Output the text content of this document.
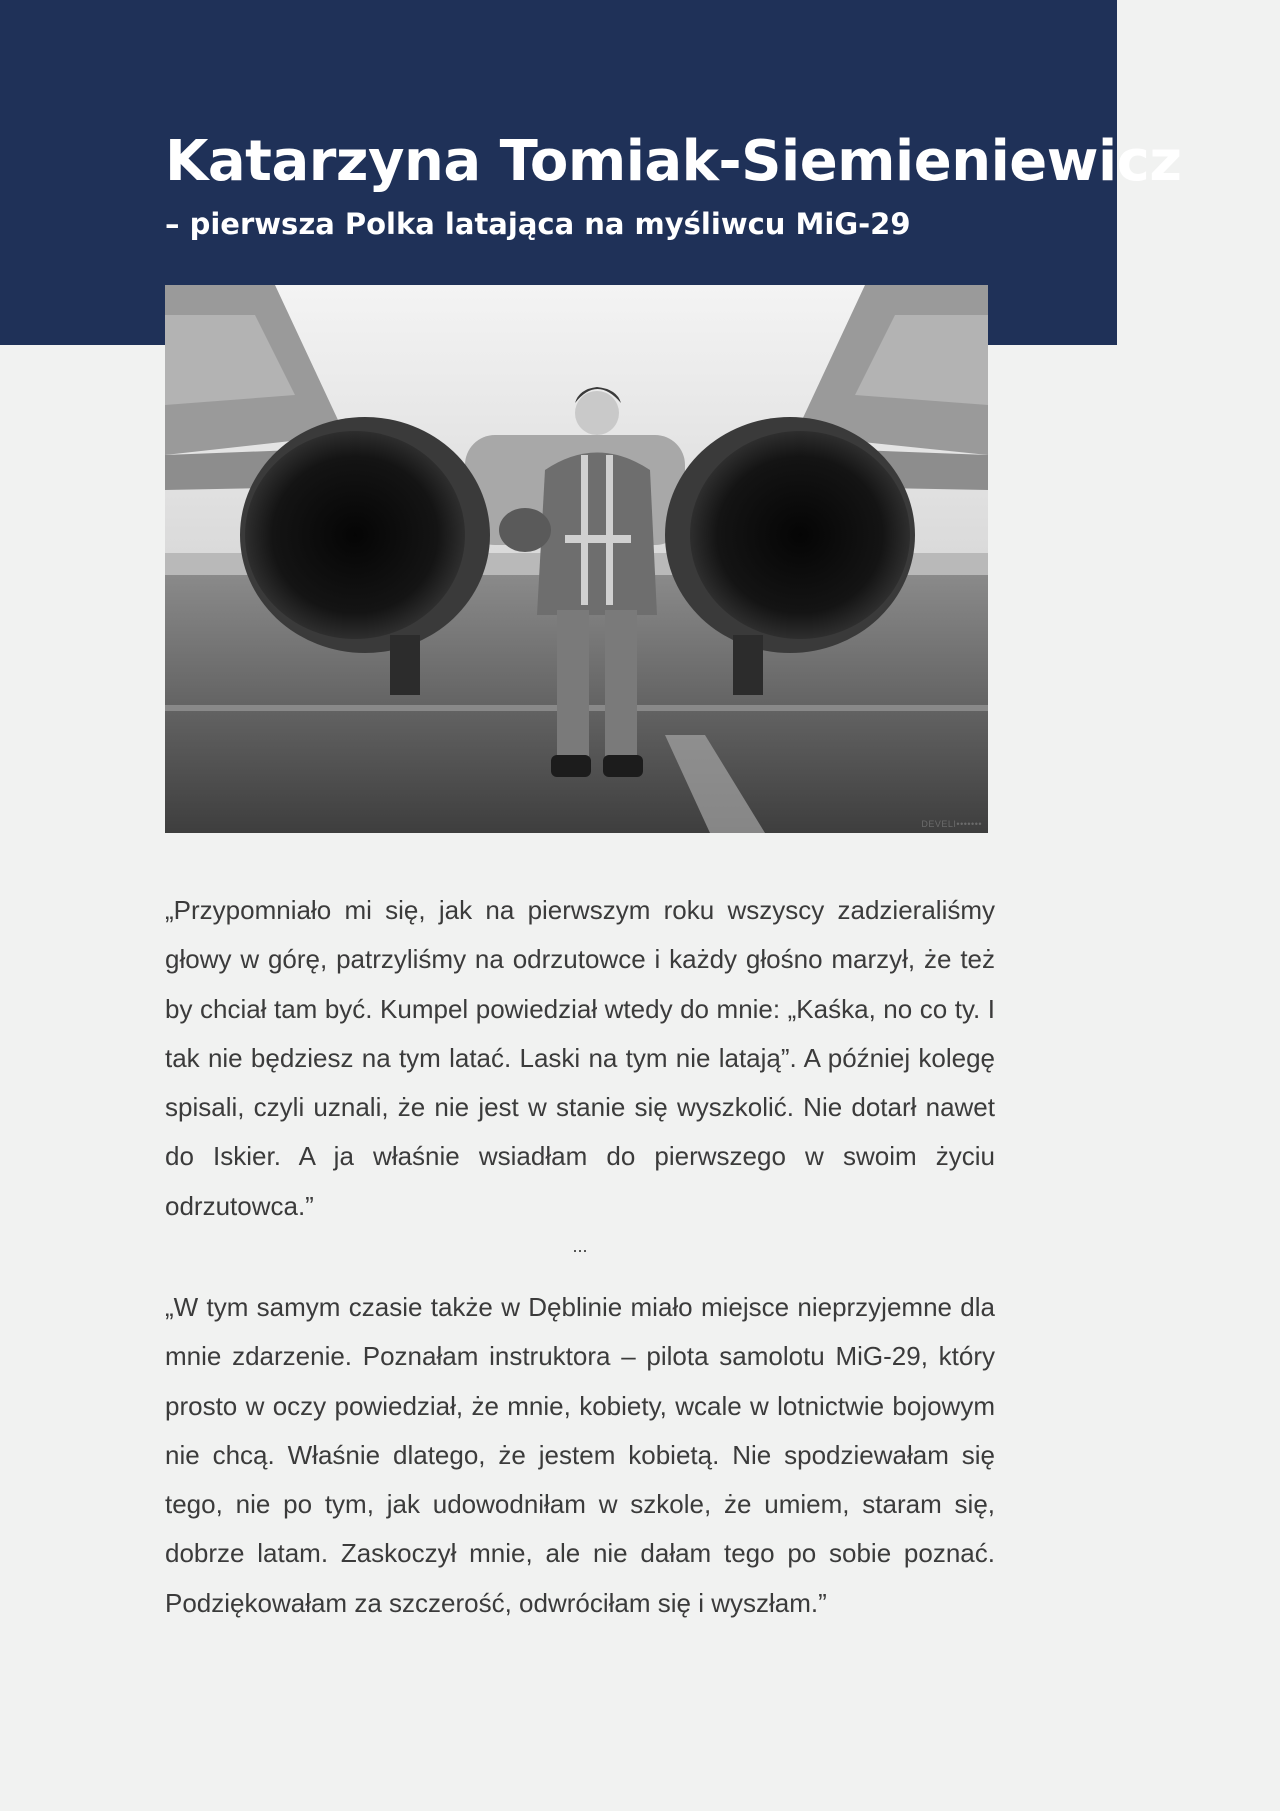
Katarzyna Tomiak-Siemieniewicz
– pierwsza Polka latająca na myśliwcu MiG-29
DEVELI•••••••

„Przypomniało mi się, jak na pierwszym roku wszyscy zadzieraliśmy głowy w górę, patrzyliśmy na odrzutowce i każdy głośno marzył, że też by chciał tam być. Kumpel powiedział wtedy do mnie: „Kaśka, no co ty. I tak nie będziesz na tym latać. Laski na tym nie latają”. A później kolegę spisali, czyli uznali, że nie jest w stanie się wyszkolić. Nie dotarł nawet do Iskier. A ja właśnie wsiadłam do pierwszego w swoim życiu odrzutowca.”

...

„W tym samym czasie także w Dęblinie miało miejsce nieprzyjemne dla mnie zdarzenie. Poznałam instruktora – pilota samolotu MiG-29, który prosto w oczy powiedział, że mnie, kobiety, wcale w lotnictwie bojowym nie chcą. Właśnie dlatego, że jestem kobietą. Nie spodziewałam się tego, nie po tym, jak udowodniłam w szkole, że umiem, staram się, dobrze latam. Zaskoczył mnie, ale nie dałam tego po sobie poznać. Podziękowałam za szczerość, odwróciłam się i wyszłam.”
